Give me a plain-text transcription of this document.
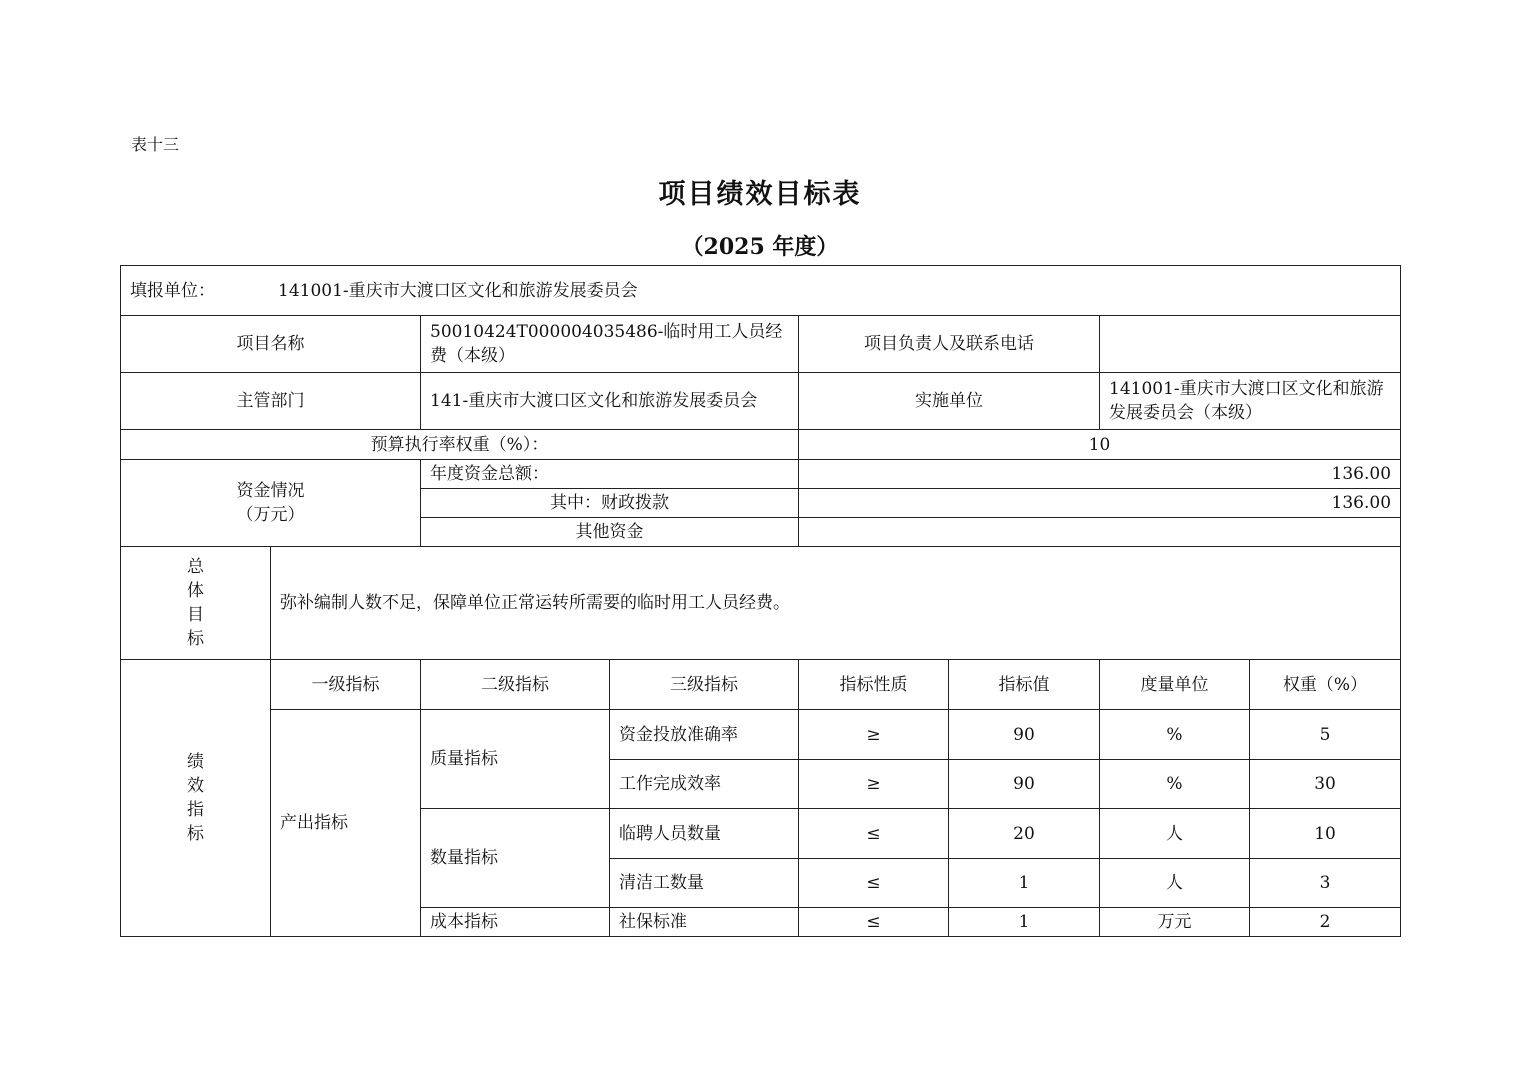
表十三
项目绩效目标表
（2025 年度）
填报单位： 141001-重庆市大渡口区文化和旅游发展委员会							
项目名称		50010424T000004035486-临时用工人员经费（本级）		项目负责人及联系电话			
主管部门		141-重庆市大渡口区文化和旅游发展委员会		实施单位		141001-重庆市大渡口区文化和旅游发展委员会（本级）	
预算执行率权重（%）：				10			

资金情况
（万元）		年度资金总额：		136.00			
		其中：财政拨款		136.00			
		其他资金					

总
体
目
标	弥补编制人数不足，保障单位正常运转所需要的临时用工人员经费。						

绩
效
指
标	一级指标	二级指标	三级指标	指标性质	指标值	度量单位	权重（%）
	产出指标	质量指标	资金投放准确率	≥	90	%	5
			工作完成效率	≥	90	%	30
		数量指标	临聘人员数量	≤	20	人	10
			清洁工数量	≤	1	人	3
		成本指标	社保标准	≤	1	万元	2
